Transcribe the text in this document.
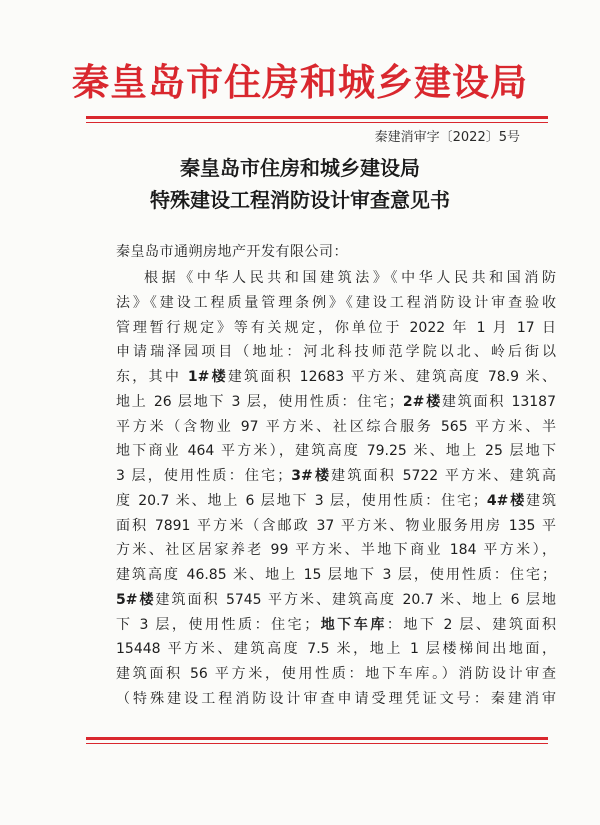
秦皇岛市住房和城乡建设局
秦建消审字〔2022〕5号
秦皇岛市住房和城乡建设局
特殊建设工程消防设计审查意见书
秦皇岛市通朔房地产开发有限公司：
根据《中华人民共和国建筑法》《中华人民共和国消防
法》《建设工程质量管理条例》《建设工程消防设计审查验收
管理暂行规定》等有关规定，你单位于 2022 年 1 月 17 日
申请瑞泽园项目（地址：河北科技师范学院以北、岭后街以
东，其中 1#楼建筑面积 12683 平方米、建筑高度 78.9 米、
地上 26 层地下 3 层，使用性质：住宅；2#楼建筑面积 13187
平方米（含物业 97 平方米、社区综合服务 565 平方米、半
地下商业 464 平方米），建筑高度 79.25 米、地上 25 层地下
3 层，使用性质：住宅；3#楼建筑面积 5722 平方米、建筑高
度 20.7 米、地上 6 层地下 3 层，使用性质：住宅；4#楼建筑
面积 7891 平方米（含邮政 37 平方米、物业服务用房 135 平
方米、社区居家养老 99 平方米、半地下商业 184 平方米），
建筑高度 46.85 米、地上 15 层地下 3 层，使用性质：住宅；
5#楼建筑面积 5745 平方米、建筑高度 20.7 米、地上 6 层地
下 3 层，使用性质：住宅；地下车库：地下 2 层、建筑面积
15448 平方米、建筑高度 7.5 米，地上 1 层楼梯间出地面，
建筑面积 56 平方米，使用性质：地下车库。）消防设计审查
（特殊建设工程消防设计审查申请受理凭证文号：秦建消审
